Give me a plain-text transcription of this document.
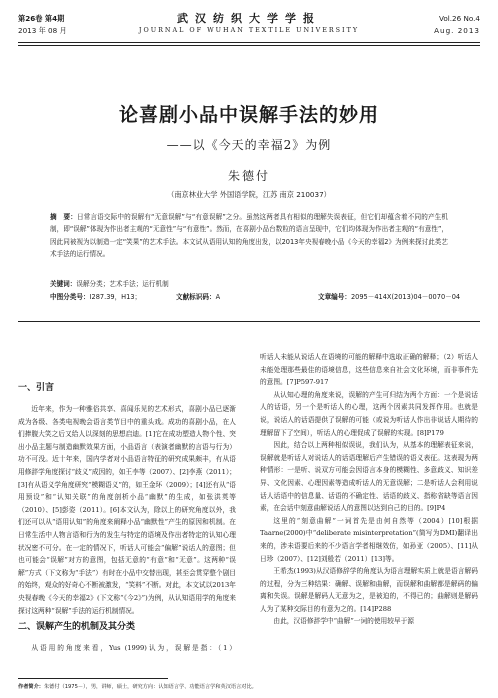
第26卷 第4期
2013 年 08 月
武汉纺织大学学报
JOURNAL OF WUHAN TEXTILE UNIVERSITY
Vol.26 No.4
Aug. 2013
论喜剧小品中误解手法的妙用
——以《今天的幸福2》为例
朱德付
（南京林业大学 外国语学院，江苏 南京 210037）
摘　要：日常言语交际中的误解有“无意误解”与“有意误解”之分。虽然这两者具有相似的理解失误表征，但它们却蕴含着不同的产生机制，即“误解”体现为作出者主观的“无意性”与“有意性”。然而，在喜剧小品台数粒的语言呈现中，它们均体现为作出者主观的“有意性”，因此同被视为以制造一定“笑果”的艺术手法。本文试从语用认知的角度出发，以2013年央视春晚小品《今天的幸福2》为例来探讨此类艺术手法的运行情况。
关键词：误解分类；艺术手法；运行机制
中图分类号：I287.39，H13；	文献标识码：A	文章编号：2095－414X(2013)04－0070－04
一、引言

近年来，作为一种雅俗共享、喜闻乐见的艺术形式，喜剧小品已逐渐成为各级、各类电视晚会语言类节目中的重头戏。成功的喜剧小品，在人们捧腹大笑之后又给人以深刻的思想启迪。[1]它在成功塑造人物个性、突出小品主题与制造幽默效果方面，小品语言（表演者幽默的言语与行为）功不可没。近十年来，国内学者对小品语言特征的研究成果颇丰，有从语用修辞学角度探讨“歧义”成因的，如王李等（2007）、[2]李燕（2011）；[3]有从语义学角度研究“模糊语义”的，如王金环（2009）；[4]还有从“语用预设”和“认知关联”的角度剖析小品“幽默”的生成，如张洪英等（2010）、[5]彭姿（2011）。[6]本文认为，除以上的研究角度以外，我们还可以从“语用认知”的角度来阐释小品“幽默性”产生的原因和机制。在日常生活中人物言语和行为的发生与特定的语境及作出者特定的认知心理状况密不可分。在一定的情况下，听话人可能会“偏解”说话人的意图；但也可能会“误解”对方的意图，包括无意的“有意”和“无意”。这两种“误解”方式（下文称为“手法”）有时在小品中交替出现，甚至会贯穿整个剧目的始终，观众的好奇心不断被激发，“笑料”不断。对此，本文试以2013年央视春晚《今天的幸福2》(下文称“《今2》”)为例，从认知语用学的角度来探讨这两种“误解”手法的运行机制情况。

二、误解产生的机制及其分类

从语用的角度来看，Yus (1999)认为，误解是指：（1）

听话人未能从说话人在语境的可能的解释中选取正确的解释；（2）听话人未能处理那些最佳的语境信息，这些信息来自社会文化环境，而非事件先的意图。[7]P597-917

从认知心理的角度来说，误解的产生可归结为两个方面：一个是说话人的话语，另一个是听话人的心理，这两个因素共同发挥作用。也就是说，说话人的话语提供了误解的可能（或说为听话人作出非说话人期待的理解留下了空间），听话人的心理促成了误解的实现。[8]P179

因此，结合以上两种相似误说，我们认为，从基本的理解表征来说，误解就是听话人对说话人的话语理解后产生错误的语义表征。这表现为两种情形：一是听、说双方可能会因语言本身的模糊性、多意歧义、知识差异、文化因素、心理因素等造成听话人的无意误解；二是听话人会利用说话人话语中的信息量、话语的不确定性、话语的歧义、指称省缺等语言因素，在会话中刻意曲解说话人的意图以达到自己的目的。[9]P4

这里的“刻意曲解”一词首先是由何自然等（2004）[10]根据Taarne(2000)中“deliberate misinterpretation”(简写为DMI)翻译出来的，涉未语要后来的不少语言学者相继效仿，如孙亚（2005）、[11]从日珍（2007）、[12]刘般若（2011）[13]等。

王希杰(1993)从汉语修辞学的角度认为语言理解实质上就是语言解码的过程，分为三种结果：确解、误解和曲解，而误解和曲解都是解码的偏离和失误。误解是解码人无意为之，是被迫的，不得已的；曲解则是解码人为了某种交际目的有意为之的。[14]P288

由此，汉语修辞学中“曲解”一词的使用较早于源

作者简介：朱德付（1975－），男，讲师，硕士，研究方向：认知语言学、功能语言学和英汉语言对比。
